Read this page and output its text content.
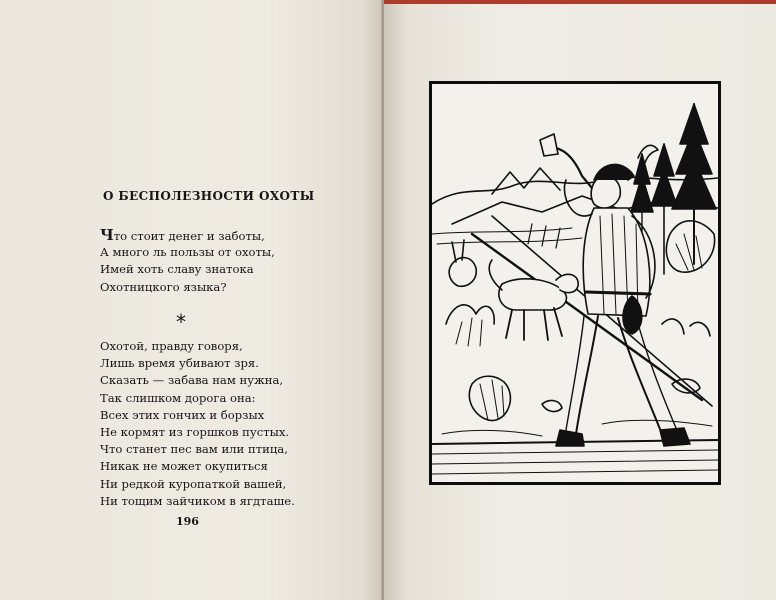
О БЕСПОЛЕЗНОСТИ ОХОТЫ
Что стоит денег и заботы,
А много ль пользы от охоты,
Имей хоть славу знатока
Охотницкого языка?
*
Охотой, правду говоря,
Лишь время убивают зря.
Сказать — забава нам нужна,
Так слишком дорога она:
Всех этих гончих и борзых
Не кормят из горшков пустых.
Что станет пес вам или птица,
Никак не может окупиться
Ни редкой куропаткой вашей,
Ни тощим зайчиком в ягдташе.
196
